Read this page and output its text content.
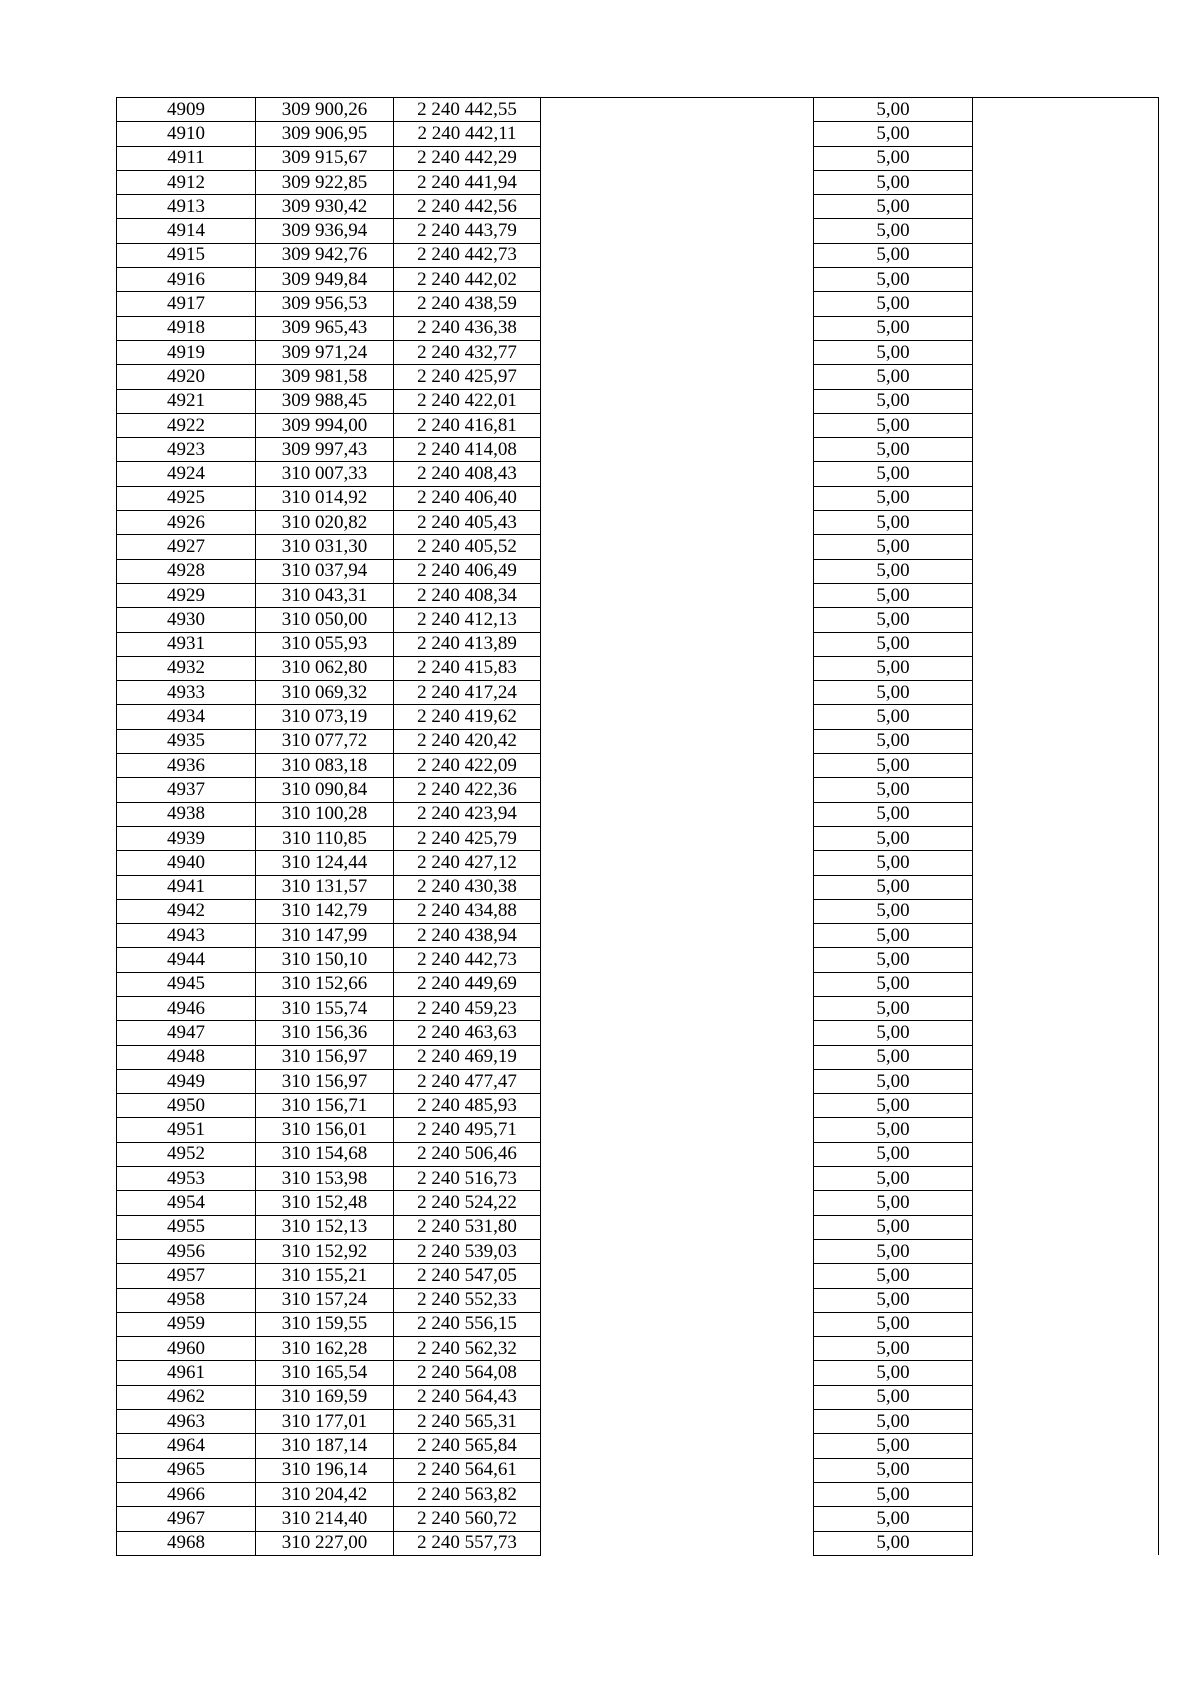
4909	309 900,26	2 240 442,55		5,00	
4910	309 906,95	2 240 442,11		5,00	
4911	309 915,67	2 240 442,29		5,00	
4912	309 922,85	2 240 441,94		5,00	
4913	309 930,42	2 240 442,56		5,00	
4914	309 936,94	2 240 443,79		5,00	
4915	309 942,76	2 240 442,73		5,00	
4916	309 949,84	2 240 442,02		5,00	
4917	309 956,53	2 240 438,59		5,00	
4918	309 965,43	2 240 436,38		5,00	
4919	309 971,24	2 240 432,77		5,00	
4920	309 981,58	2 240 425,97		5,00	
4921	309 988,45	2 240 422,01		5,00	
4922	309 994,00	2 240 416,81		5,00	
4923	309 997,43	2 240 414,08		5,00	
4924	310 007,33	2 240 408,43		5,00	
4925	310 014,92	2 240 406,40		5,00	
4926	310 020,82	2 240 405,43		5,00	
4927	310 031,30	2 240 405,52		5,00	
4928	310 037,94	2 240 406,49		5,00	
4929	310 043,31	2 240 408,34		5,00	
4930	310 050,00	2 240 412,13		5,00	
4931	310 055,93	2 240 413,89		5,00	
4932	310 062,80	2 240 415,83		5,00	
4933	310 069,32	2 240 417,24		5,00	
4934	310 073,19	2 240 419,62		5,00	
4935	310 077,72	2 240 420,42		5,00	
4936	310 083,18	2 240 422,09		5,00	
4937	310 090,84	2 240 422,36		5,00	
4938	310 100,28	2 240 423,94		5,00	
4939	310 110,85	2 240 425,79		5,00	
4940	310 124,44	2 240 427,12		5,00	
4941	310 131,57	2 240 430,38		5,00	
4942	310 142,79	2 240 434,88		5,00	
4943	310 147,99	2 240 438,94		5,00	
4944	310 150,10	2 240 442,73		5,00	
4945	310 152,66	2 240 449,69		5,00	
4946	310 155,74	2 240 459,23		5,00	
4947	310 156,36	2 240 463,63		5,00	
4948	310 156,97	2 240 469,19		5,00	
4949	310 156,97	2 240 477,47		5,00	
4950	310 156,71	2 240 485,93		5,00	
4951	310 156,01	2 240 495,71		5,00	
4952	310 154,68	2 240 506,46		5,00	
4953	310 153,98	2 240 516,73		5,00	
4954	310 152,48	2 240 524,22		5,00	
4955	310 152,13	2 240 531,80		5,00	
4956	310 152,92	2 240 539,03		5,00	
4957	310 155,21	2 240 547,05		5,00	
4958	310 157,24	2 240 552,33		5,00	
4959	310 159,55	2 240 556,15		5,00	
4960	310 162,28	2 240 562,32		5,00	
4961	310 165,54	2 240 564,08		5,00	
4962	310 169,59	2 240 564,43		5,00	
4963	310 177,01	2 240 565,31		5,00	
4964	310 187,14	2 240 565,84		5,00	
4965	310 196,14	2 240 564,61		5,00	
4966	310 204,42	2 240 563,82		5,00	
4967	310 214,40	2 240 560,72		5,00	
4968	310 227,00	2 240 557,73		5,00	
